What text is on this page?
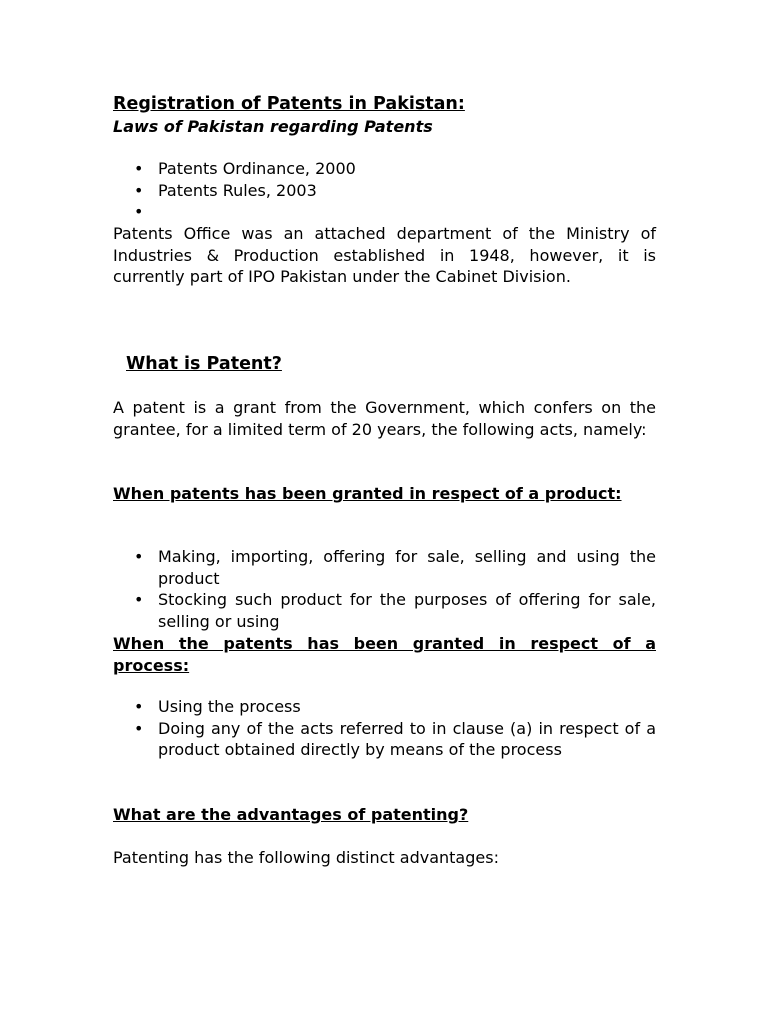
Registration of Patents in Pakistan:
Laws of Pakistan regarding Patents
• Patents Ordinance, 2000
• Patents Rules, 2003
•
Patents Office was an attached department of the Ministry of Industries & Production established in 1948, however, it is currently part of IPO Pakistan under the Cabinet Division.
What is Patent?
A patent is a grant from the Government, which confers on the grantee, for a limited term of 20 years, the following acts, namely:
When patents has been granted in respect of a product:
• Making, importing, offering for sale, selling and using the product
• Stocking such product for the purposes of offering for sale, selling or using
When the patents has been granted in respect of a process:
• Using the process
• Doing any of the acts referred to in clause (a) in respect of a product obtained directly by means of the process
What are the advantages of patenting?
Patenting has the following distinct advantages:
